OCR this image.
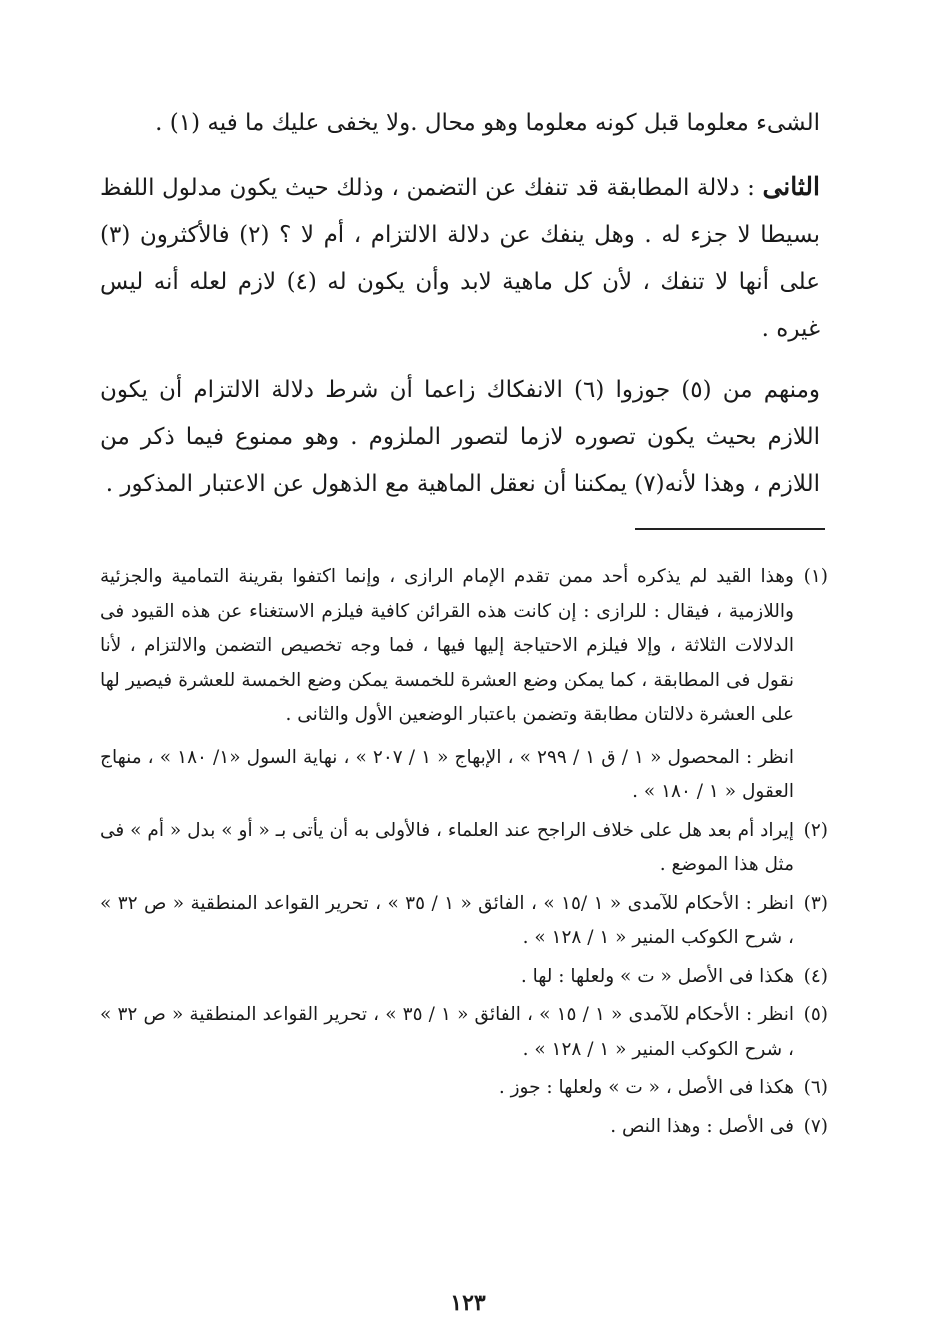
الشىء معلوما قبل كونه معلوما وهو محال .ولا يخفى عليك ما فيه (١) .

الثانى : دلالة المطابقة قد تنفك عن التضمن ، وذلك حيث يكون مدلول اللفظ بسيطا لا جزء له . وهل ينفك عن دلالة الالتزام ، أم لا ؟ (٢) فالأكثرون (٣) على أنها لا تنفك ، لأن كل ماهية لابد وأن يكون له (٤) لازم لعله أنه ليس غيره .

ومنهم من (٥) جوزوا (٦) الانفكاك زاعما أن شرط دلالة الالتزام أن يكون اللازم بحيث يكون تصوره لازما لتصور الملزوم . وهو ممنوع فيما ذكر من اللازم ، وهذا لأنه(٧) يمكننا أن نعقل الماهية مع الذهول عن الاعتبار المذكور .

(١)

وهذا القيد لم يذكره أحد ممن تقدم الإمام الرازى ، وإنما اكتفوا بقرينة التمامية والجزئية واللازمية ، فيقال : للرازى : إن كانت هذه القرائن كافية فيلزم الاستغناء عن هذه القيود فى الدلالات الثلاثة ، وإلا فيلزم الاحتياجة إليها فيها ، فما وجه تخصيص التضمن والالتزام ، لأنا نقول فى المطابقة ، كما يمكن وضع العشرة للخمسة يمكن وضع الخمسة للعشرة فيصير لها على العشرة دلالتان مطابقة وتضمن باعتبار الوضعين الأول والثانى .

انظر : المحصول « ١ / ق ١ / ٢٩٩ » ، الإبهاج « ١ / ٢٠٧ » ، نهاية السول «١/ ١٨٠ » ، منهاج العقول « ١ / ١٨٠ » .

(٢)

إيراد أم بعد هل على خلاف الراجح عند العلماء ، فالأولى به أن يأتى بـ « أو » بدل « أم » فى مثل هذا الموضع .

(٣)

انظر : الأحكام للآمدى « ١ /١٥ » ، الفائق « ١ / ٣٥ » ، تحرير القواعد المنطقية « ص ٣٢ » ، شرح الكوكب المنير « ١ / ١٢٨ » .

(٤)

هكذا فى الأصل « ت » ولعلها : لها .

(٥)

انظر : الأحكام للآمدى « ١ / ١٥ » ، الفائق « ١ / ٣٥ » ، تحرير القواعد المنطقية « ص ٣٢ » ، شرح الكوكب المنير « ١ / ١٢٨ » .

(٦)

هكذا فى الأصل ، « ت » ولعلها : جوز .

(٧)

فى الأصل : وهذا النص .

١٢٣
